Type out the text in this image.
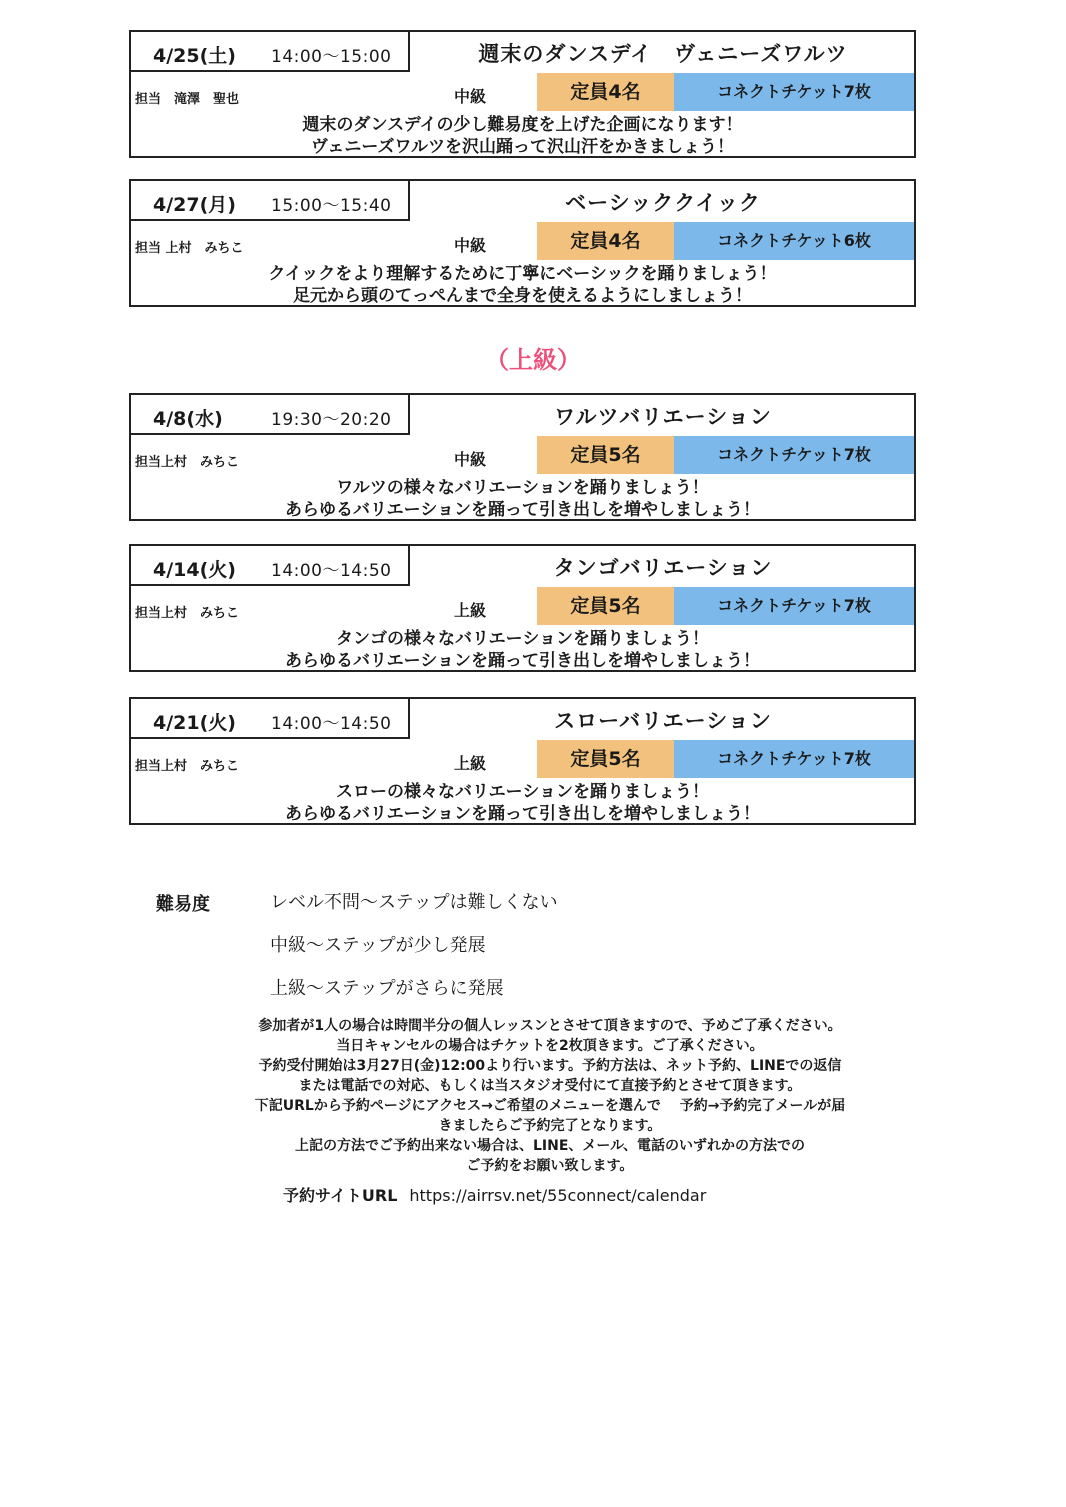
4/25(土) 14:00～15:00	週末のダンスデイ　ヴェニーズワルツ
担当　滝澤　聖也	中級	定員4名	コネクトチケット7枚
週末のダンスデイの少し難易度を上げた企画になります！
ヴェニーズワルツを沢山踊って沢山汗をかきましょう！
4/27(月) 15:00～15:40	ベーシッククイック
担当 上村　みちこ	中級	定員4名	コネクトチケット6枚
クイックをより理解するために丁寧にベーシックを踊りましょう！
足元から頭のてっぺんまで全身を使えるようにしましょう！
（上級）
4/8(水)	19:30～20:20	ワルツバリエーション
担当上村　みちこ	中級	定員5名	コネクトチケット7枚
ワルツの様々なバリエーションを踊りましょう！
あらゆるバリエーションを踊って引き出しを増やしましょう！
4/14(火) 14:00～14:50	タンゴバリエーション
担当上村　みちこ	上級	定員5名	コネクトチケット7枚
タンゴの様々なバリエーションを踊りましょう！
あらゆるバリエーションを踊って引き出しを増やしましょう！
4/21(火) 14:00～14:50	スローバリエーション
担当上村　みちこ	上級	定員5名	コネクトチケット7枚
スローの様々なバリエーションを踊りましょう！
あらゆるバリエーションを踊って引き出しを増やしましょう！
難易度	レベル不問～ステップは難しくない
中級～ステップが少し発展
上級～ステップがさらに発展
参加者が1人の場合は時間半分の個人レッスンとさせて頂きますので、予めご了承ください。
当日キャンセルの場合はチケットを2枚頂きます。ご了承ください。
予約受付開始は3月27日(金)12:00より行います。予約方法は、ネット予約、LINEでの返信
または電話での対応、もしくは当スタジオ受付にて直接予約とさせて頂きます。
下記URLから予約ページにアクセス→ご希望のメニューを選んで　 予約→予約完了メールが届
きましたらご予約完了となります。
上記の方法でご予約出来ない場合は、LINE、メール、電話のいずれかの方法での
ご予約をお願い致します。
予約サイトURL https://airrsv.net/55connect/calendar
